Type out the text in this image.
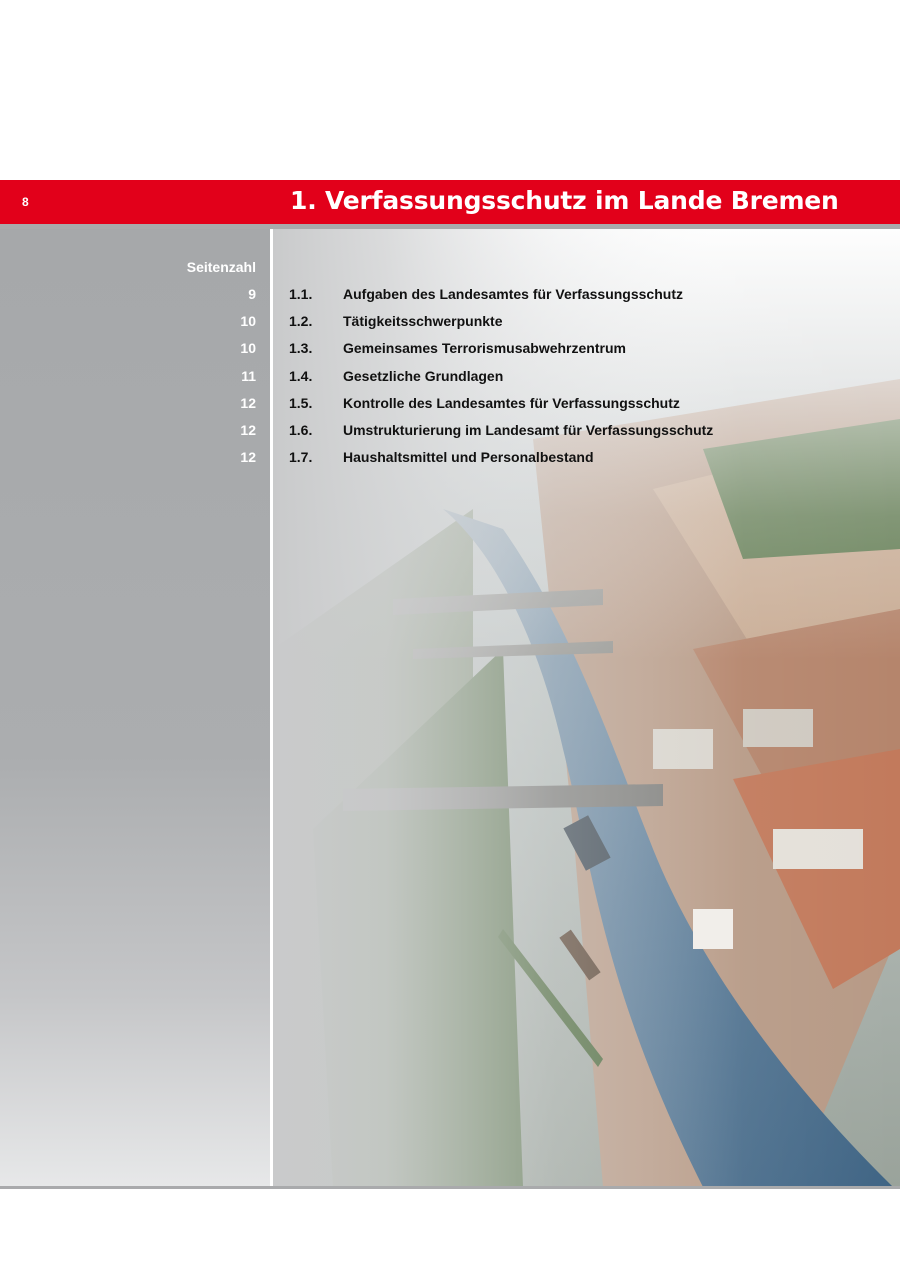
8	1. Verfassungsschutz im Lande Bremen
Seitenzahl
9 1.1. Aufgaben des Landesamtes für Verfassungsschutz
10 1.2. Tätigkeitsschwerpunkte
10 1.3. Gemeinsames Terrorismusabwehrzentrum
11 1.4. Gesetzliche Grundlagen
12 1.5. Kontrolle des Landesamtes für Verfassungsschutz
12 1.6. Umstrukturierung im Landesamt für Verfassungsschutz
12 1.7. Haushaltsmittel und Personalbestand
